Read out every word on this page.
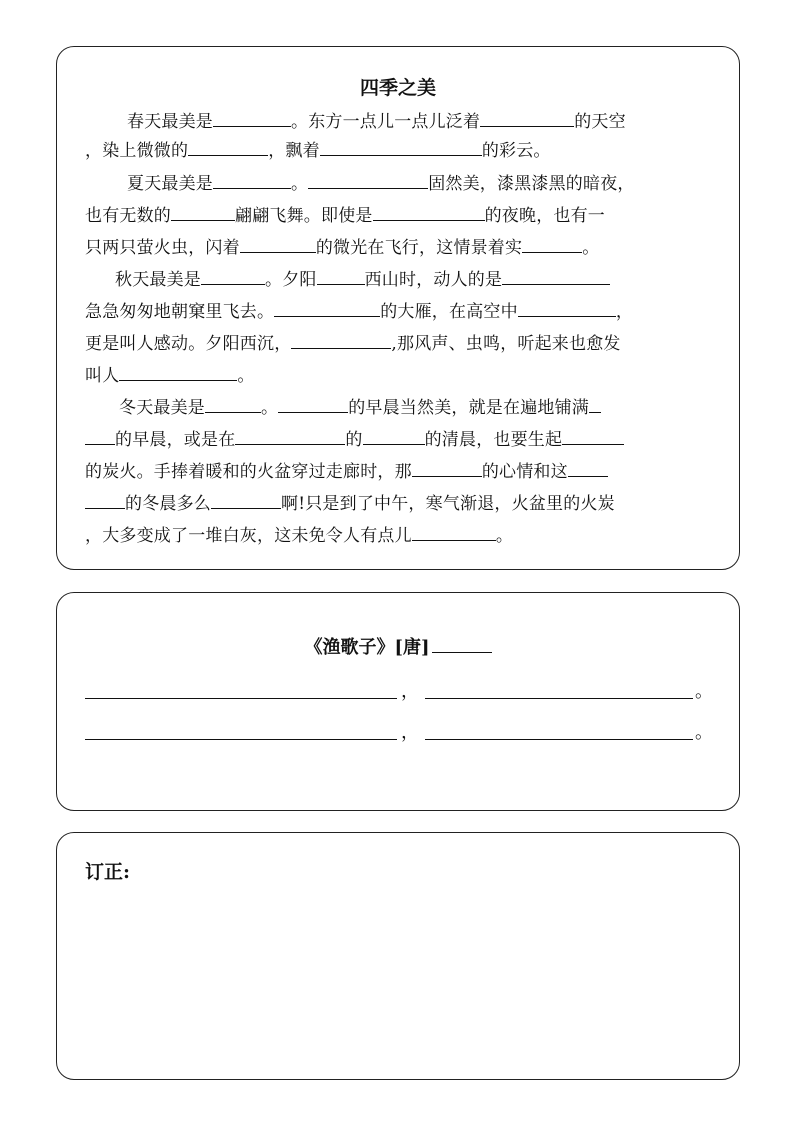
四季之美
春天最美是	。东方一点儿一点儿泛着	的天空
，染上微微的	，飘着	的彩云。
夏天最美是	。	固然美，漆黑漆黑的暗夜，
也有无数的	翩翩飞舞。即使是	的夜晚，也有一
只两只萤火虫，闪着	的微光在飞行，这情景着实	。
秋天最美是	。夕阳	西山时，动人的是
急急匆匆地朝窠里飞去。	的大雁，在高空中	，
更是叫人感动。夕阳西沉，	,那风声、虫鸣，听起来也愈发
叫人	。
冬天最美是	。	的早晨当然美，就是在遍地铺满
的早晨，或是在	的	的清晨，也要生起
的炭火。手捧着暖和的火盆穿过走廊时，那	的心情和这
的冬晨多么	啊!只是到了中午，寒气渐退，火盆里的火炭
，大多变成了一堆白灰，这未免令人有点儿	。
《渔歌子》[唐]
，	。
，	。
订正:
